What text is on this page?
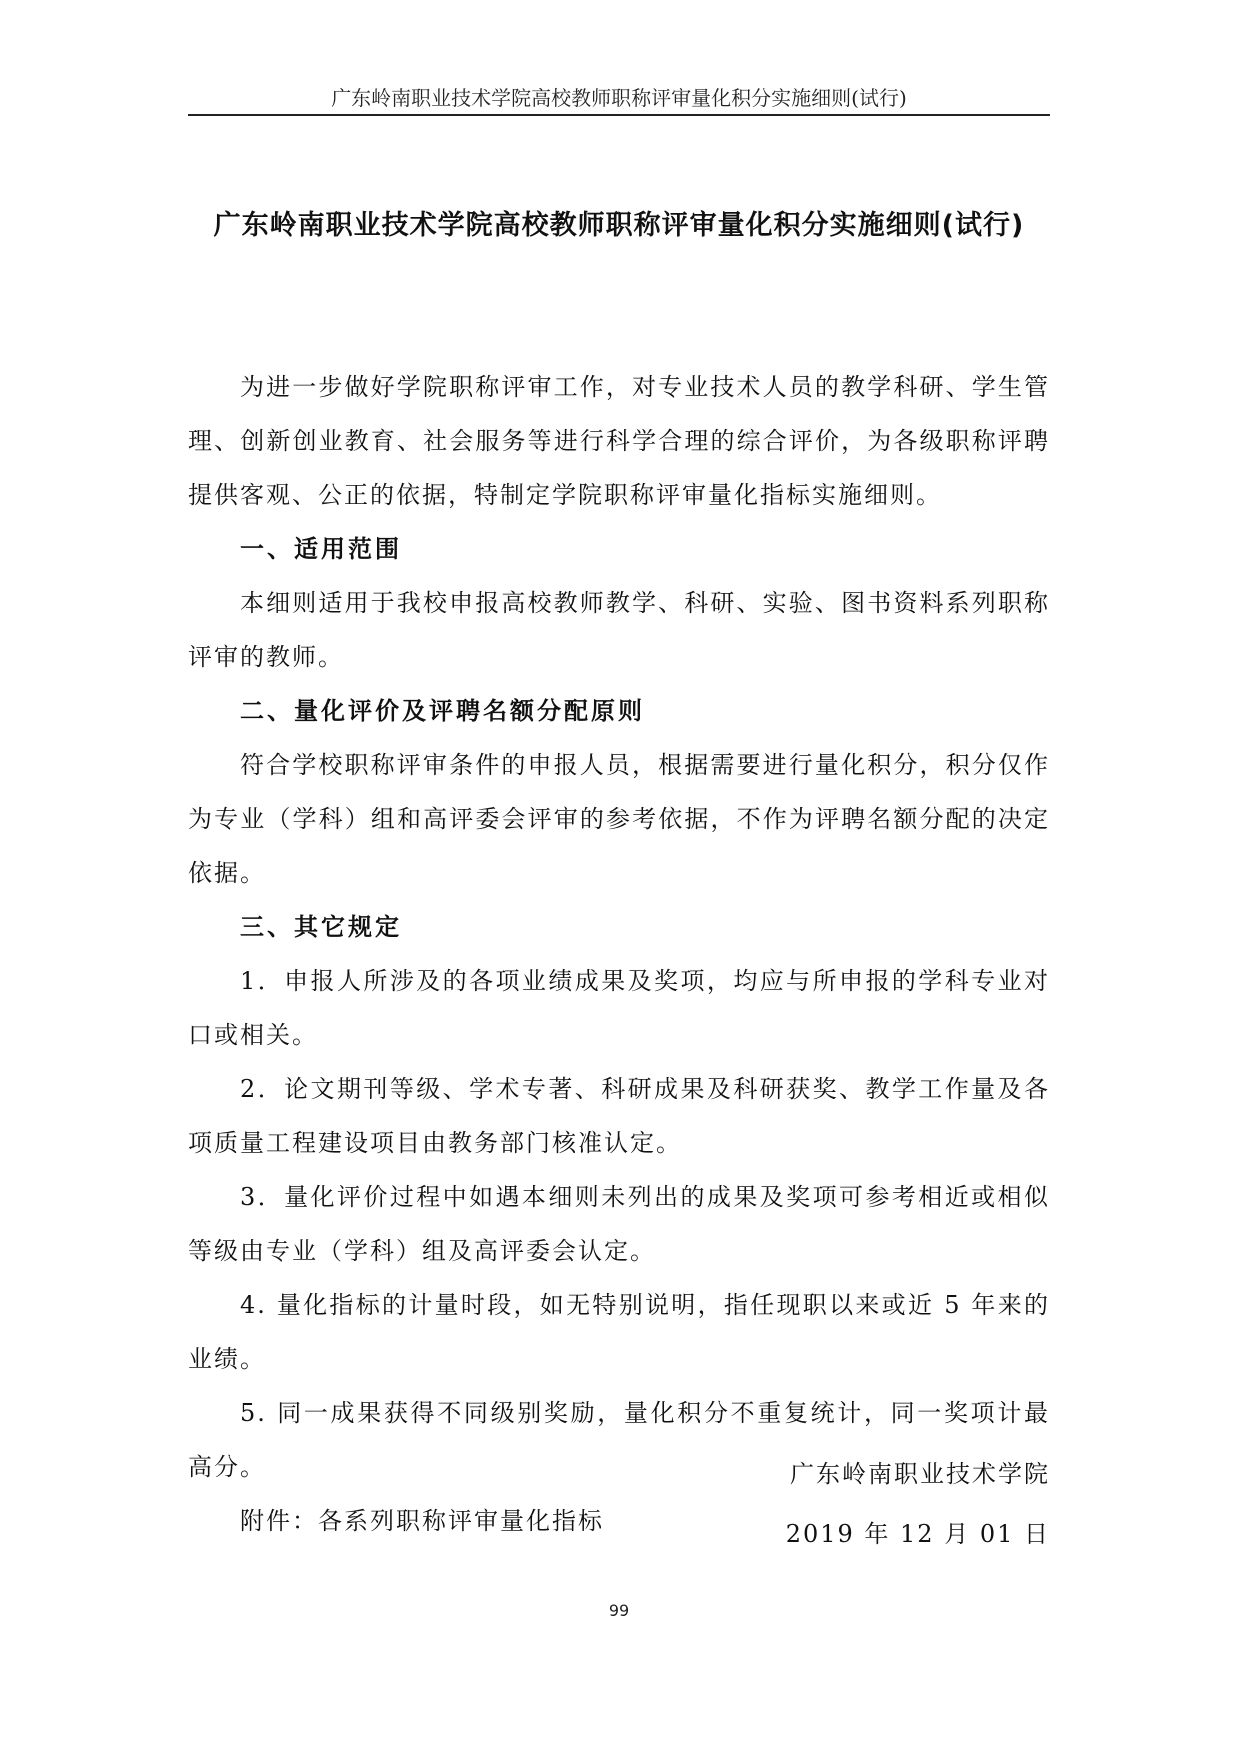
广东岭南职业技术学院高校教师职称评审量化积分实施细则(试行)
广东岭南职业技术学院高校教师职称评审量化积分实施细则(试行)

为进一步做好学院职称评审工作，对专业技术人员的教学科研、学生管理、创新创业教育、社会服务等进行科学合理的综合评价，为各级职称评聘提供客观、公正的依据，特制定学院职称评审量化指标实施细则。

一、适用范围

本细则适用于我校申报高校教师教学、科研、实验、图书资料系列职称评审的教师。

二、量化评价及评聘名额分配原则

符合学校职称评审条件的申报人员，根据需要进行量化积分，积分仅作为专业（学科）组和高评委会评审的参考依据，不作为评聘名额分配的决定依据。

三、其它规定

1．申报人所涉及的各项业绩成果及奖项，均应与所申报的学科专业对口或相关。

2．论文期刊等级、学术专著、科研成果及科研获奖、教学工作量及各项质量工程建设项目由教务部门核准认定。

3．量化评价过程中如遇本细则未列出的成果及奖项可参考相近或相似等级由专业（学科）组及高评委会认定。

4. 量化指标的计量时段，如无特别说明，指任现职以来或近 5 年来的业绩。

5. 同一成果获得不同级别奖励，量化积分不重复统计，同一奖项计最高分。

附件：各系列职称评审量化指标

广东岭南职业技术学院
2019 年 12 月 01 日
99
